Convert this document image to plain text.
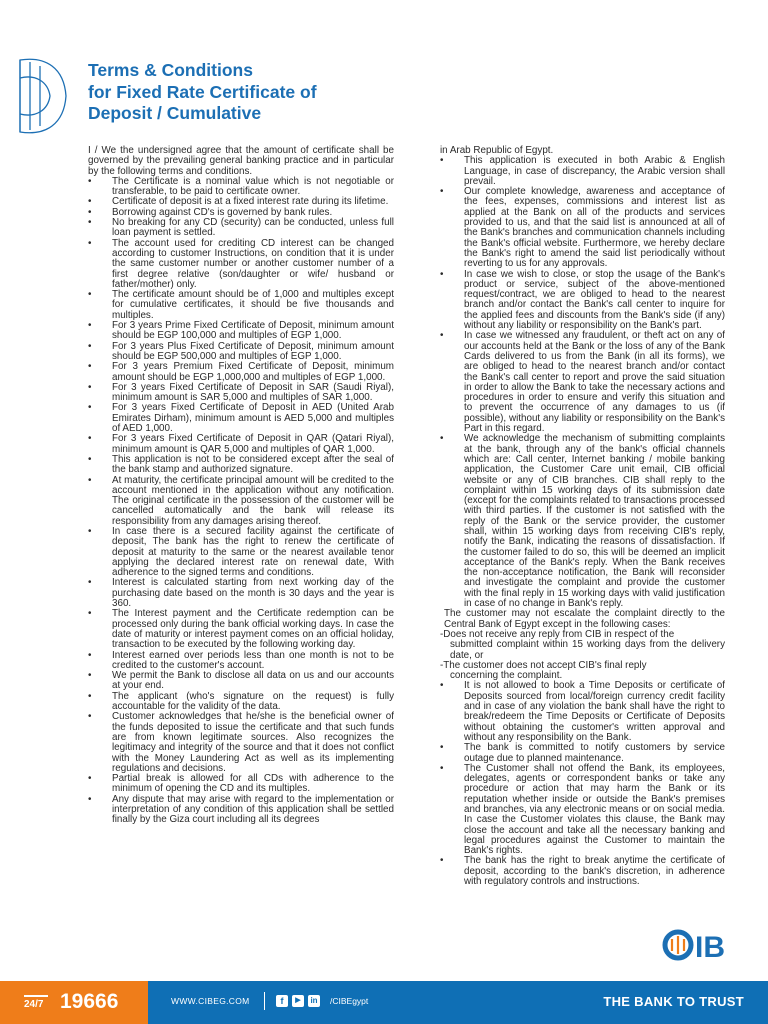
Terms & Conditions
for Fixed Rate Certificate of
Deposit / Cumulative

I / We the undersigned agree that the amount of certificate shall be governed by the prevailing general banking practice and in particular by the following terms and conditions.

• The Certificate is a nominal value which is not negotiable or transferable, to be paid to certificate owner.
• Certificate of deposit is at a fixed interest rate during its lifetime.
• Borrowing against CD's is governed by bank rules.
• No breaking for any CD (security) can be conducted, unless full loan payment is settled.
• The account used for crediting CD interest can be changed according to customer Instructions, on condition that it is under the same customer number or another customer number of a first degree relative (son/daughter or wife/ husband or father/mother) only.
• The certificate amount should be of 1,000 and multiples except for cumulative certificates, it should be five thousands and multiples.
• For 3 years Prime Fixed Certificate of Deposit, minimum amount should be EGP 100,000 and multiples of EGP 1,000.
• For 3 years Plus Fixed Certificate of Deposit, minimum amount should be EGP 500,000 and multiples of EGP 1,000.
• For 3 years Premium Fixed Certificate of Deposit, minimum amount should be EGP 1,000,000 and multiples of EGP 1,000.
• For 3 years Fixed Certificate of Deposit in SAR (Saudi Riyal), minimum amount is SAR 5,000 and multiples of SAR 1,000.
• For 3 years Fixed Certificate of Deposit in AED (United Arab Emirates Dirham), minimum amount is AED 5,000 and multiples of AED 1,000.
• For 3 years Fixed Certificate of Deposit in QAR (Qatari Riyal), minimum amount is QAR 5,000 and multiples of QAR 1,000.
• This application is not to be considered except after the seal of the bank stamp and authorized signature.
• At maturity, the certificate principal amount will be credited to the account mentioned in the application without any notification. The original certificate in the possession of the customer will be cancelled automatically and the bank will release its responsibility from any damages arising thereof.
• In case there is a secured facility against the certificate of deposit, The bank has the right to renew the certificate of deposit at maturity to the same or the nearest available tenor applying the declared interest rate on renewal date, With adherence to the signed terms and conditions.
• Interest is calculated starting from next working day of the purchasing date based on the month is 30 days and the year is 360.
• The Interest payment and the Certificate redemption can be processed only during the bank official working days. In case the date of maturity or interest payment comes on an official holiday, transaction to be executed by the following working day.
• Interest earned over periods less than one month is not to be credited to the customer's account.
• We permit the Bank to disclose all data on us and our accounts at your end.
• The applicant (who's signature on the request) is fully accountable for the validity of the data.
• Customer acknowledges that he/she is the beneficial owner of the funds deposited to issue the certificate and that such funds are from known legitimate sources. Also recognizes the legitimacy and integrity of the source and that it does not conflict with the Money Laundering Act as well as its implementing regulations and decisions.
• Partial break is allowed for all CDs with adherence to the minimum of opening the CD and its multiples.
• Any dispute that may arise with regard to the implementation or interpretation of any condition of this application shall be settled finally by the Giza court including all its degrees

in Arab Republic of Egypt.

• This application is executed in both Arabic & English Language, in case of discrepancy, the Arabic version shall prevail.
• Our complete knowledge, awareness and acceptance of the fees, expenses, commissions and interest list as applied at the Bank on all of the products and services provided to us, and that the said list is announced at all of the Bank's branches and communication channels including the Bank's official website. Furthermore, we hereby declare the Bank's right to amend the said list periodically without reverting to us for any approvals.
• In case we wish to close, or stop the usage of the Bank's product or service, subject of the above-mentioned request/contract, we are obliged to head to the nearest branch and/or contact the Bank's call center to inquire for the applied fees and discounts from the Bank's side (if any) without any liability or responsibility on the Bank's part.
• In case we witnessed any fraudulent, or theft act on any of our accounts held at the Bank or the loss of any of the Bank Cards delivered to us from the Bank (in all its forms), we are obliged to head to the nearest branch and/or contact the Bank's call center to report and prove the said situation in order to allow the Bank to take the necessary actions and procedures in order to ensure and verify this situation and to prevent the occurrence of any damages to us (if possible), without any liability or responsibility on the Bank's Part in this regard.
• We acknowledge the mechanism of submitting complaints at the bank, through any of the bank's official channels which are: Call center, Internet banking / mobile banking application, the Customer Care unit email, CIB official website or any of CIB branches. CIB shall reply to the complaint within 15 working days of its submission date (except for the complaints related to transactions processed with third parties. If the customer is not satisfied with the reply of the Bank or the service provider, the customer shall, within 15 working days from receiving CIB's reply, notify the Bank, indicating the reasons of dissatisfaction. If the customer failed to do so, this will be deemed an implicit acceptance of the Bank's reply. When the Bank receives the non-acceptance notification, the Bank will reconsider and investigate the complaint and provide the customer with the final reply in 15 working days with valid justification in case of no change in Bank's reply.

The customer may not escalate the complaint directly to the Central Bank of Egypt except in the following cases:

-Does not receive any reply from CIB in respect of the

submitted complaint within 15 working days from the delivery date, or

-The customer does not accept CIB's final reply

concerning the complaint.

• It is not allowed to book a Time Deposits or certificate of Deposits sourced from local/foreign currency credit facility and in case of any violation the bank shall have the right to break/redeem the Time Deposits or Certificate of Deposits without obtaining the customer's written approval and without any responsibility on the Bank.
• The bank is committed to notify customers by service outage due to planned maintenance.
• The Customer shall not offend the Bank, its employees, delegates, agents or correspondent banks or take any procedure or action that may harm the Bank or its reputation whether inside or outside the Bank's premises and branches, via any electronic means or on social media. In case the Customer violates this clause, the Bank may close the account and take all the necessary banking and legal procedures against the Customer to maintain the Bank's rights.
• The bank has the right to break anytime the certificate of deposit, according to the bank's discretion, in adherence with regulatory controls and instructions.
IB
24/7 19666	WWW.CIBEG.COM	f	▶	in /CIBEgypt	THE BANK TO TRUST
